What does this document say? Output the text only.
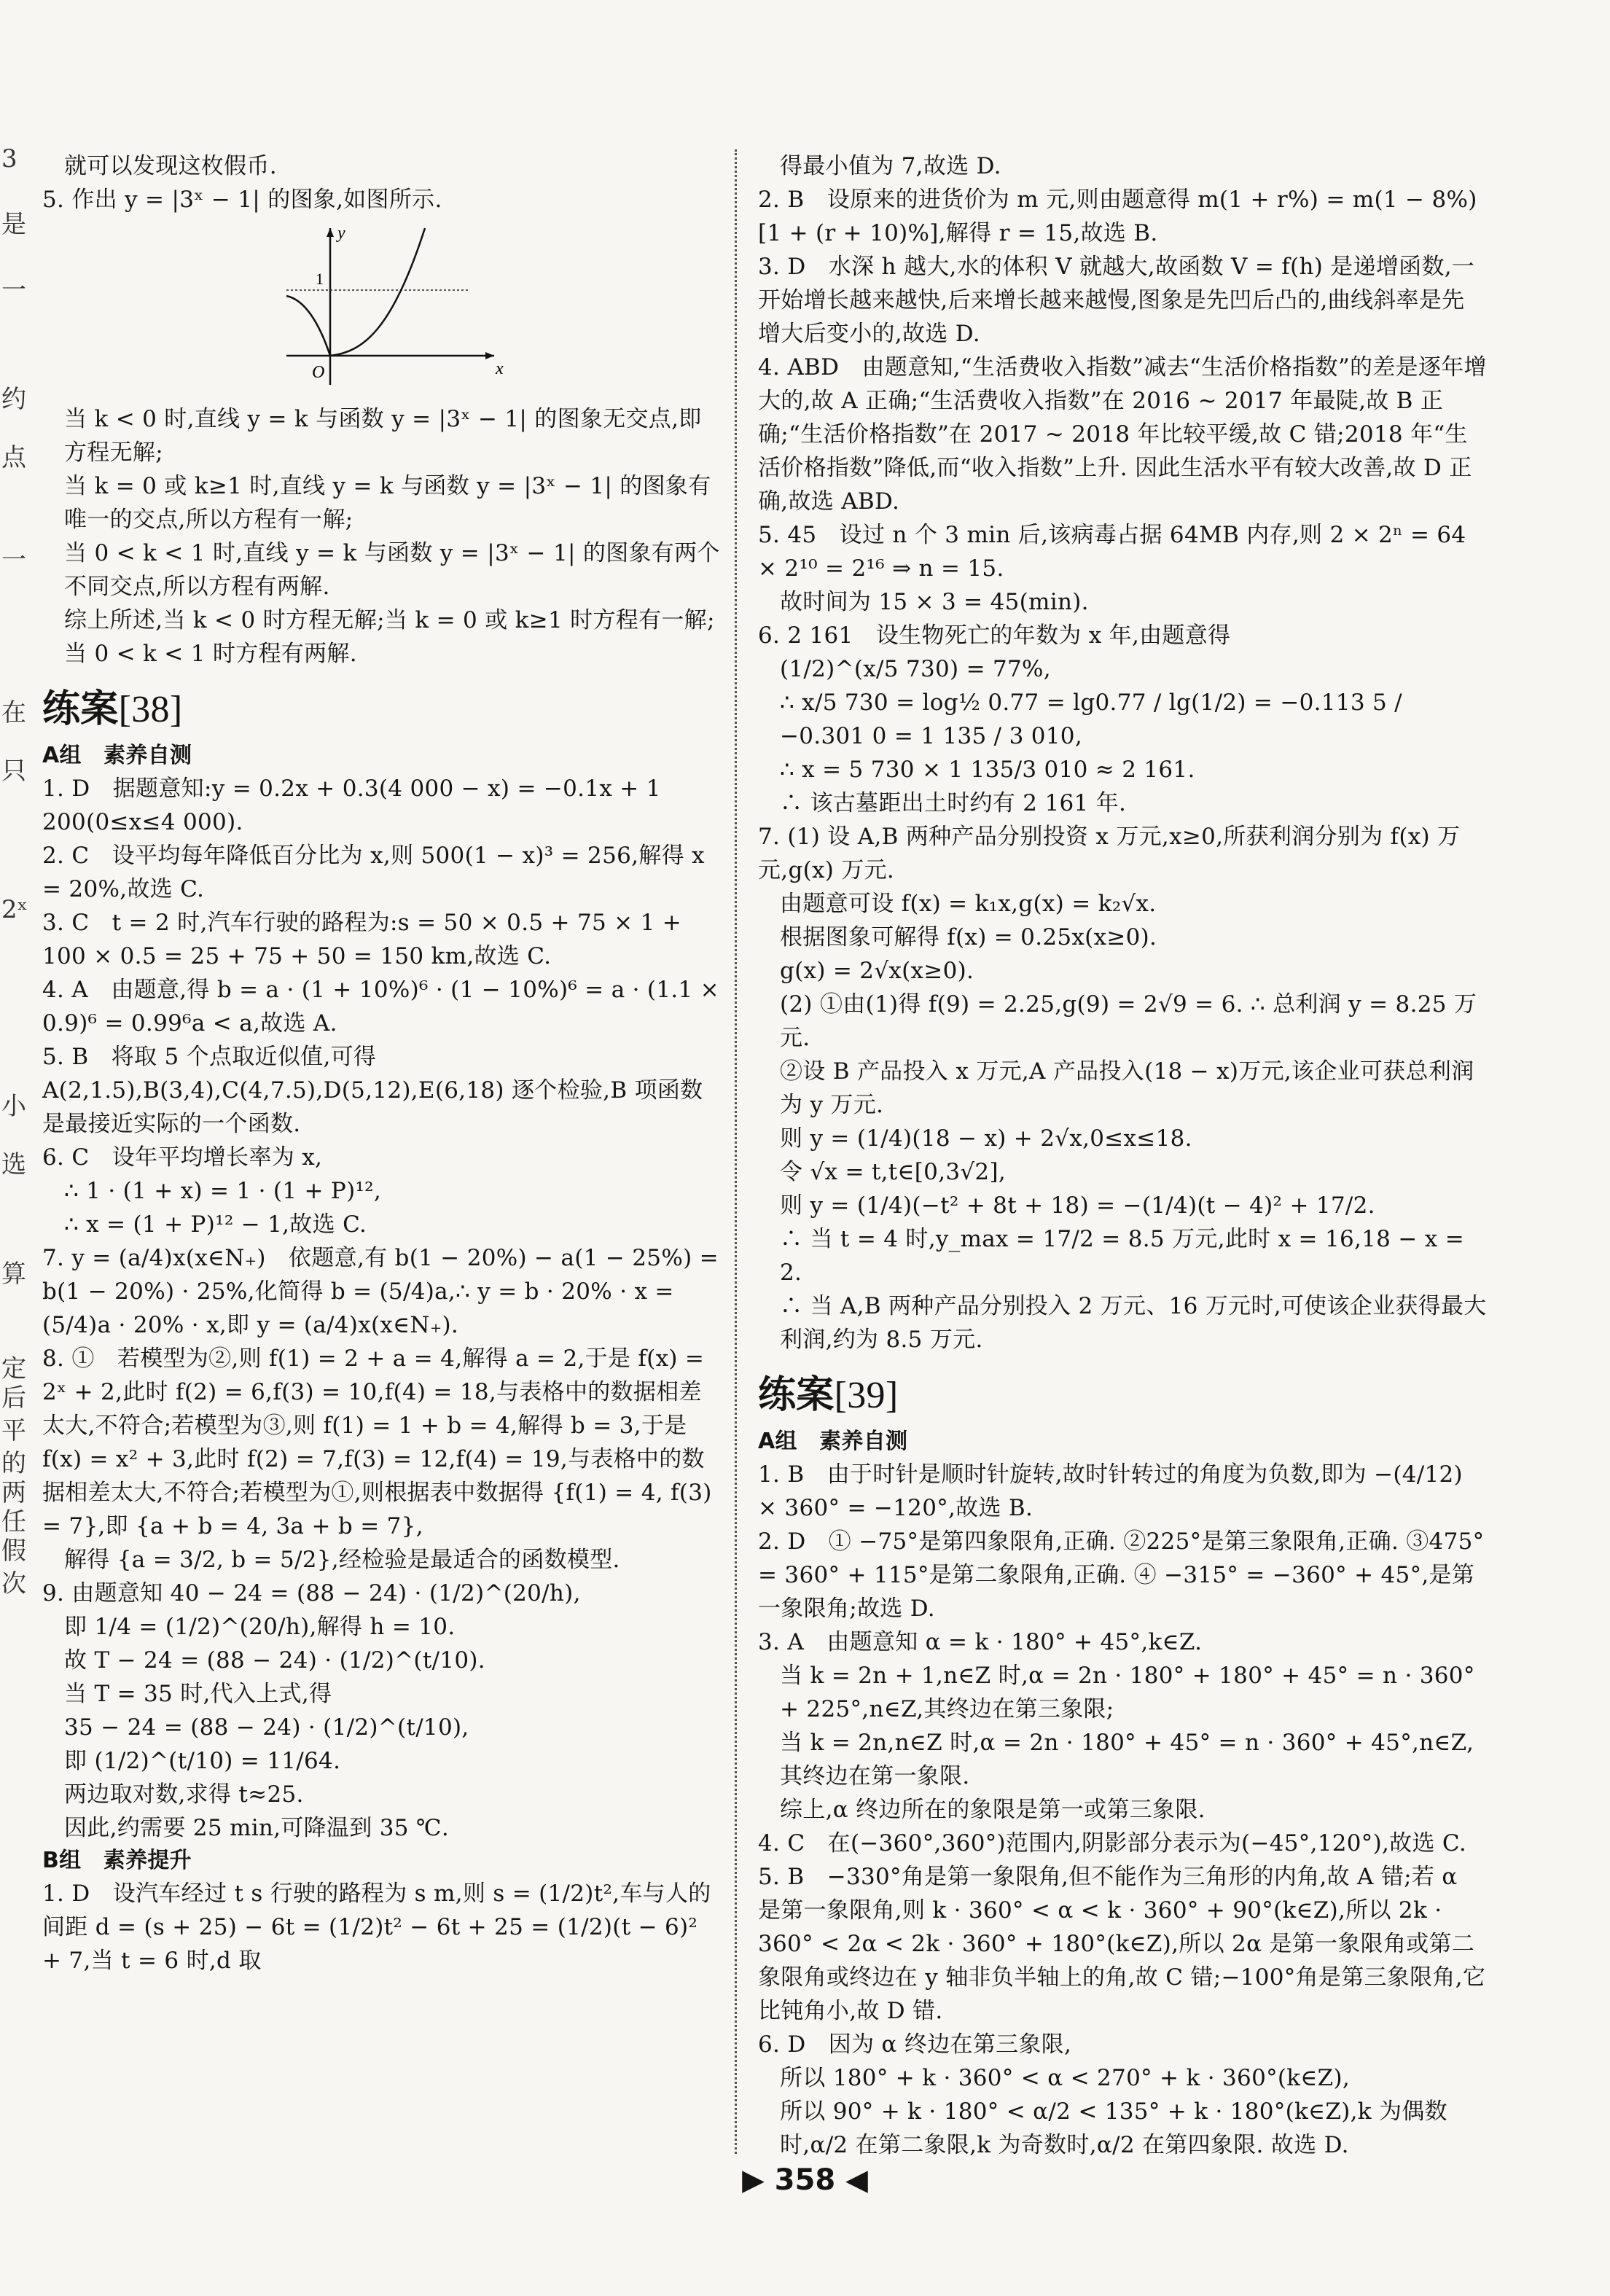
3
是
一
约
点
一
在
只
2ˣ
小
选
算
定
后
平
的
两
任
假
次

就可以发现这枚假币.

5. 作出 y = |3ˣ − 1| 的图象,如图所示.

x
y
O
1

当 k < 0 时,直线 y = k 与函数 y = |3ˣ − 1| 的图象无交点,即方程无解;

当 k = 0 或 k≥1 时,直线 y = k 与函数 y = |3ˣ − 1| 的图象有唯一的交点,所以方程有一解;

当 0 < k < 1 时,直线 y = k 与函数 y = |3ˣ − 1| 的图象有两个不同交点,所以方程有两解.

综上所述,当 k < 0 时方程无解;当 k = 0 或 k≥1 时方程有一解;当 0 < k < 1 时方程有两解.

练案[38]
A组　素养自测

1. D　据题意知:y = 0.2x + 0.3(4 000 − x) = −0.1x + 1 200(0≤x≤4 000).

2. C　设平均每年降低百分比为 x,则 500(1 − x)³ = 256,解得 x = 20%,故选 C.

3. C　t = 2 时,汽车行驶的路程为:s = 50 × 0.5 + 75 × 1 + 100 × 0.5 = 25 + 75 + 50 = 150 km,故选 C.

4. A　由题意,得 b = a · (1 + 10%)⁶ · (1 − 10%)⁶ = a · (1.1 × 0.9)⁶ = 0.99⁶a < a,故选 A.

5. B　将取 5 个点取近似值,可得 A(2,1.5),B(3,4),C(4,7.5),D(5,12),E(6,18) 逐个检验,B 项函数是最接近实际的一个函数.

6. C　设年平均增长率为 x,

∴ 1 · (1 + x) = 1 · (1 + P)¹²,

∴ x = (1 + P)¹² − 1,故选 C.

7. y = (a/4)x(x∈N₊)　依题意,有 b(1 − 20%) − a(1 − 25%) = b(1 − 20%) · 25%,化简得 b = (5/4)a,∴ y = b · 20% · x = (5/4)a · 20% · x,即 y = (a/4)x(x∈N₊).

8. ①　若模型为②,则 f(1) = 2 + a = 4,解得 a = 2,于是 f(x) = 2ˣ + 2,此时 f(2) = 6,f(3) = 10,f(4) = 18,与表格中的数据相差太大,不符合;若模型为③,则 f(1) = 1 + b = 4,解得 b = 3,于是 f(x) = x² + 3,此时 f(2) = 7,f(3) = 12,f(4) = 19,与表格中的数据相差太大,不符合;若模型为①,则根据表中数据得 {f(1) = 4, f(3) = 7},即 {a + b = 4, 3a + b = 7},

解得 {a = 3/2, b = 5/2},经检验是最适合的函数模型.

9. 由题意知 40 − 24 = (88 − 24) · (1/2)^(20/h),

即 1/4 = (1/2)^(20/h),解得 h = 10.

故 T − 24 = (88 − 24) · (1/2)^(t/10).

当 T = 35 时,代入上式,得

35 − 24 = (88 − 24) · (1/2)^(t/10),

即 (1/2)^(t/10) = 11/64.

两边取对数,求得 t≈25.

因此,约需要 25 min,可降温到 35 ℃.

B组　素养提升

1. D　设汽车经过 t s 行驶的路程为 s m,则 s = (1/2)t²,车与人的间距 d = (s + 25) − 6t = (1/2)t² − 6t + 25 = (1/2)(t − 6)² + 7,当 t = 6 时,d 取

得最小值为 7,故选 D.

2. B　设原来的进货价为 m 元,则由题意得 m(1 + r%) = m(1 − 8%)[1 + (r + 10)%],解得 r = 15,故选 B.

3. D　水深 h 越大,水的体积 V 就越大,故函数 V = f(h) 是递增函数,一开始增长越来越快,后来增长越来越慢,图象是先凹后凸的,曲线斜率是先增大后变小的,故选 D.

4. ABD　由题意知,“生活费收入指数”减去“生活价格指数”的差是逐年增大的,故 A 正确;“生活费收入指数”在 2016 ~ 2017 年最陡,故 B 正确;“生活价格指数”在 2017 ~ 2018 年比较平缓,故 C 错;2018 年“生活价格指数”降低,而“收入指数”上升. 因此生活水平有较大改善,故 D 正确,故选 ABD.

5. 45　设过 n 个 3 min 后,该病毒占据 64MB 内存,则 2 × 2ⁿ = 64 × 2¹⁰ = 2¹⁶ ⇒ n = 15.

故时间为 15 × 3 = 45(min).

6. 2 161　设生物死亡的年数为 x 年,由题意得

(1/2)^(x/5 730) = 77%,

∴ x/5 730 = log½ 0.77 = lg0.77 / lg(1/2) = −0.113 5 / −0.301 0 = 1 135 / 3 010,

∴ x = 5 730 × 1 135/3 010 ≈ 2 161.

∴ 该古墓距出土时约有 2 161 年.

7. (1) 设 A,B 两种产品分别投资 x 万元,x≥0,所获利润分别为 f(x) 万元,g(x) 万元.

由题意可设 f(x) = k₁x,g(x) = k₂√x.

根据图象可解得 f(x) = 0.25x(x≥0).

g(x) = 2√x(x≥0).

(2) ①由(1)得 f(9) = 2.25,g(9) = 2√9 = 6. ∴ 总利润 y = 8.25 万元.

②设 B 产品投入 x 万元,A 产品投入(18 − x)万元,该企业可获总利润为 y 万元.

则 y = (1/4)(18 − x) + 2√x,0≤x≤18.

令 √x = t,t∈[0,3√2],

则 y = (1/4)(−t² + 8t + 18) = −(1/4)(t − 4)² + 17/2.

∴ 当 t = 4 时,y_max = 17/2 = 8.5 万元,此时 x = 16,18 − x = 2.

∴ 当 A,B 两种产品分别投入 2 万元、16 万元时,可使该企业获得最大利润,约为 8.5 万元.

练案[39]
A组　素养自测

1. B　由于时针是顺时针旋转,故时针转过的角度为负数,即为 −(4/12) × 360° = −120°,故选 B.

2. D　① −75°是第四象限角,正确. ②225°是第三象限角,正确. ③475° = 360° + 115°是第二象限角,正确. ④ −315° = −360° + 45°,是第一象限角;故选 D.

3. A　由题意知 α = k · 180° + 45°,k∈Z.

当 k = 2n + 1,n∈Z 时,α = 2n · 180° + 180° + 45° = n · 360° + 225°,n∈Z,其终边在第三象限;

当 k = 2n,n∈Z 时,α = 2n · 180° + 45° = n · 360° + 45°,n∈Z,其终边在第一象限.

综上,α 终边所在的象限是第一或第三象限.

4. C　在(−360°,360°)范围内,阴影部分表示为(−45°,120°),故选 C.

5. B　−330°角是第一象限角,但不能作为三角形的内角,故 A 错;若 α 是第一象限角,则 k · 360° < α < k · 360° + 90°(k∈Z),所以 2k · 360° < 2α < 2k · 360° + 180°(k∈Z),所以 2α 是第一象限角或第二象限角或终边在 y 轴非负半轴上的角,故 C 错;−100°角是第三象限角,它比钝角小,故 D 错.

6. D　因为 α 终边在第三象限,

所以 180° + k · 360° < α < 270° + k · 360°(k∈Z),

所以 90° + k · 180° < α/2 < 135° + k · 180°(k∈Z),k 为偶数时,α/2 在第二象限,k 为奇数时,α/2 在第四象限. 故选 D.

▶ 358 ◀
